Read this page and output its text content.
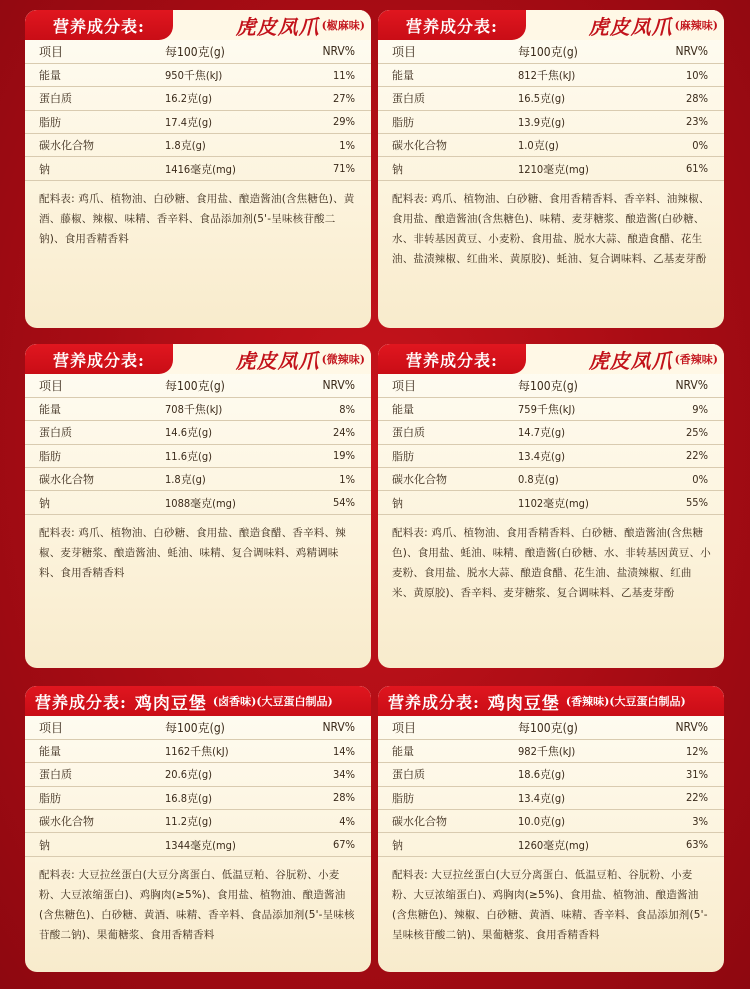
营养成分表:	虎皮凤爪 (椒麻味)
项目	每100克(g)	NRV%
能量	950千焦(kJ)	11%
蛋白质	16.2克(g)	27%
脂肪	17.4克(g)	29%
碳水化合物	1.8克(g)	1%
钠	1416毫克(mg)	71%
配料表: 鸡爪、植物油、白砂糖、食用盐、酿造酱油(含焦糖色)、黄酒、藤椒、辣椒、味精、香辛料、食品添加剂(5'-呈味核苷酸二钠)、食用香精香料
营养成分表:	虎皮凤爪 (麻辣味)
项目	每100克(g)	NRV%
能量	812千焦(kJ)	10%
蛋白质	16.5克(g)	28%
脂肪	13.9克(g)	23%
碳水化合物	1.0克(g)	0%
钠	1210毫克(mg)	61%
配料表: 鸡爪、植物油、白砂糖、食用香精香料、香辛料、油辣椒、食用盐、酿造酱油(含焦糖色)、味精、麦芽糖浆、酿造酱(白砂糖、水、非转基因黄豆、小麦粉、食用盐、脱水大蒜、酿造食醋、花生油、盐渍辣椒、红曲米、黄原胶)、蚝油、复合调味料、乙基麦芽酚
营养成分表:	虎皮凤爪 (微辣味)
项目	每100克(g)	NRV%
能量	708千焦(kJ)	8%
蛋白质	14.6克(g)	24%
脂肪	11.6克(g)	19%
碳水化合物	1.8克(g)	1%
钠	1088毫克(mg)	54%
配料表: 鸡爪、植物油、白砂糖、食用盐、酿造食醋、香辛料、辣椒、麦芽糖浆、酿造酱油、蚝油、味精、复合调味料、鸡精调味料、食用香精香料
营养成分表:	虎皮凤爪 (香辣味)
项目	每100克(g)	NRV%
能量	759千焦(kJ)	9%
蛋白质	14.7克(g)	25%
脂肪	13.4克(g)	22%
碳水化合物	0.8克(g)	0%
钠	1102毫克(mg)	55%
配料表: 鸡爪、植物油、食用香精香料、白砂糖、酿造酱油(含焦糖色)、食用盐、蚝油、味精、酿造酱(白砂糖、水、非转基因黄豆、小麦粉、食用盐、脱水大蒜、酿造食醋、花生油、盐渍辣椒、红曲米、黄原胶)、香辛料、麦芽糖浆、复合调味料、乙基麦芽酚
营养成分表: 鸡肉豆堡 (卤香味) (大豆蛋白制品)
项目	每100克(g)	NRV%
能量	1162千焦(kJ)	14%
蛋白质	20.6克(g)	34%
脂肪	16.8克(g)	28%
碳水化合物	11.2克(g)	4%
钠	1344毫克(mg)	67%
配料表: 大豆拉丝蛋白(大豆分离蛋白、低温豆粕、谷朊粉、小麦粉、大豆浓缩蛋白)、鸡胸肉(≥5%)、食用盐、植物油、酿造酱油(含焦糖色)、白砂糖、黄酒、味精、香辛料、食品添加剂(5'-呈味核苷酸二钠)、果葡糖浆、食用香精香料
营养成分表: 鸡肉豆堡 (香辣味) (大豆蛋白制品)
项目	每100克(g)	NRV%
能量	982千焦(kJ)	12%
蛋白质	18.6克(g)	31%
脂肪	13.4克(g)	22%
碳水化合物	10.0克(g)	3%
钠	1260毫克(mg)	63%
配料表: 大豆拉丝蛋白(大豆分离蛋白、低温豆粕、谷朊粉、小麦粉、大豆浓缩蛋白)、鸡胸肉(≥5%)、食用盐、植物油、酿造酱油(含焦糖色)、辣椒、白砂糖、黄酒、味精、香辛料、食品添加剂(5'-呈味核苷酸二钠)、果葡糖浆、食用香精香料
